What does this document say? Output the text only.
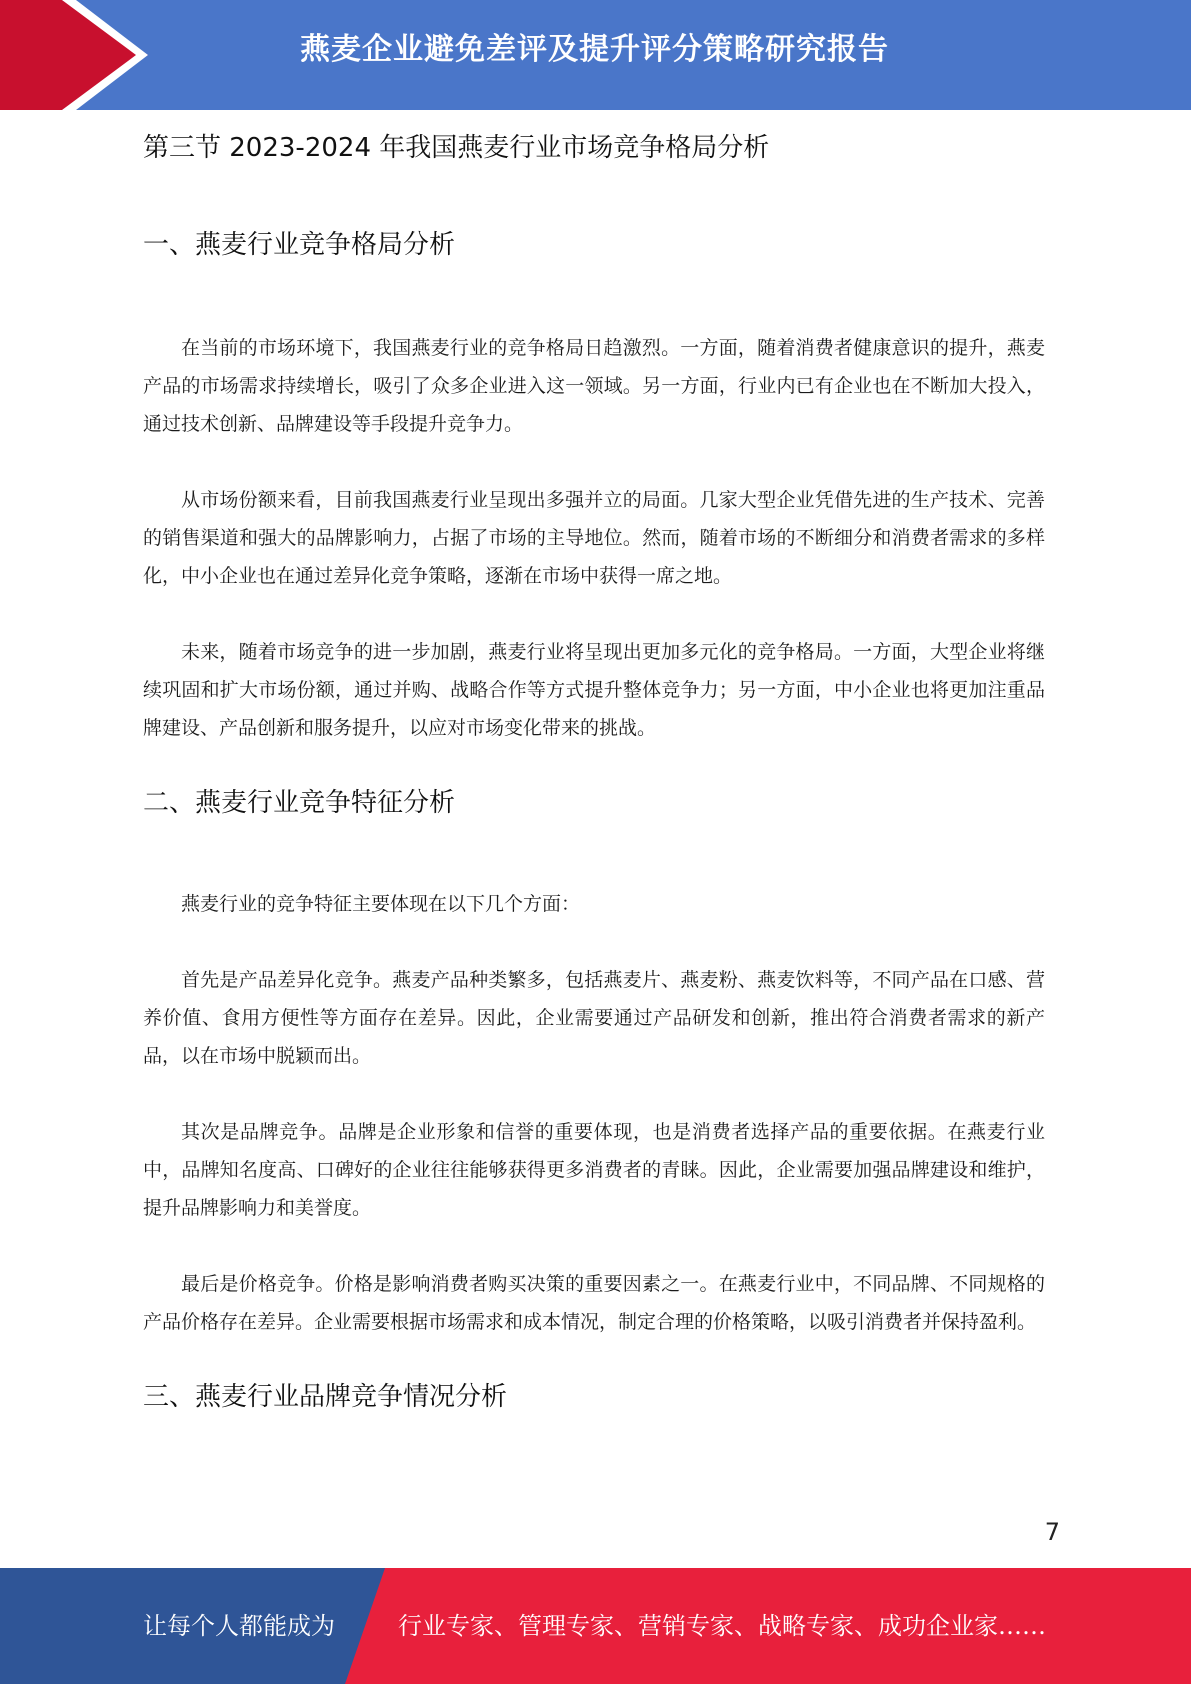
燕麦企业避免差评及提升评分策略研究报告
第三节 2023-2024 年我国燕麦行业市场竞争格局分析
一、燕麦行业竞争格局分析

在当前的市场环境下，我国燕麦行业的竞争格局日趋激烈。一方面，随着消费者健康意识的提升，燕麦产品的市场需求持续增长，吸引了众多企业进入这一领域。另一方面，行业内已有企业也在不断加大投入，通过技术创新、品牌建设等手段提升竞争力。

从市场份额来看，目前我国燕麦行业呈现出多强并立的局面。几家大型企业凭借先进的生产技术、完善的销售渠道和强大的品牌影响力，占据了市场的主导地位。然而，随着市场的不断细分和消费者需求的多样化，中小企业也在通过差异化竞争策略，逐渐在市场中获得一席之地。

未来，随着市场竞争的进一步加剧，燕麦行业将呈现出更加多元化的竞争格局。一方面，大型企业将继续巩固和扩大市场份额，通过并购、战略合作等方式提升整体竞争力；另一方面，中小企业也将更加注重品牌建设、产品创新和服务提升，以应对市场变化带来的挑战。

二、燕麦行业竞争特征分析

燕麦行业的竞争特征主要体现在以下几个方面：

首先是产品差异化竞争。燕麦产品种类繁多，包括燕麦片、燕麦粉、燕麦饮料等，不同产品在口感、营养价值、食用方便性等方面存在差异。因此，企业需要通过产品研发和创新，推出符合消费者需求的新产品，以在市场中脱颖而出。

其次是品牌竞争。品牌是企业形象和信誉的重要体现，也是消费者选择产品的重要依据。在燕麦行业中，品牌知名度高、口碑好的企业往往能够获得更多消费者的青睐。因此，企业需要加强品牌建设和维护，提升品牌影响力和美誉度。

最后是价格竞争。价格是影响消费者购买决策的重要因素之一。在燕麦行业中，不同品牌、不同规格的产品价格存在差异。企业需要根据市场需求和成本情况，制定合理的价格策略，以吸引消费者并保持盈利。

三、燕麦行业品牌竞争情况分析
7
让每个人都能成为	行业专家、管理专家、营销专家、战略专家、成功企业家……
